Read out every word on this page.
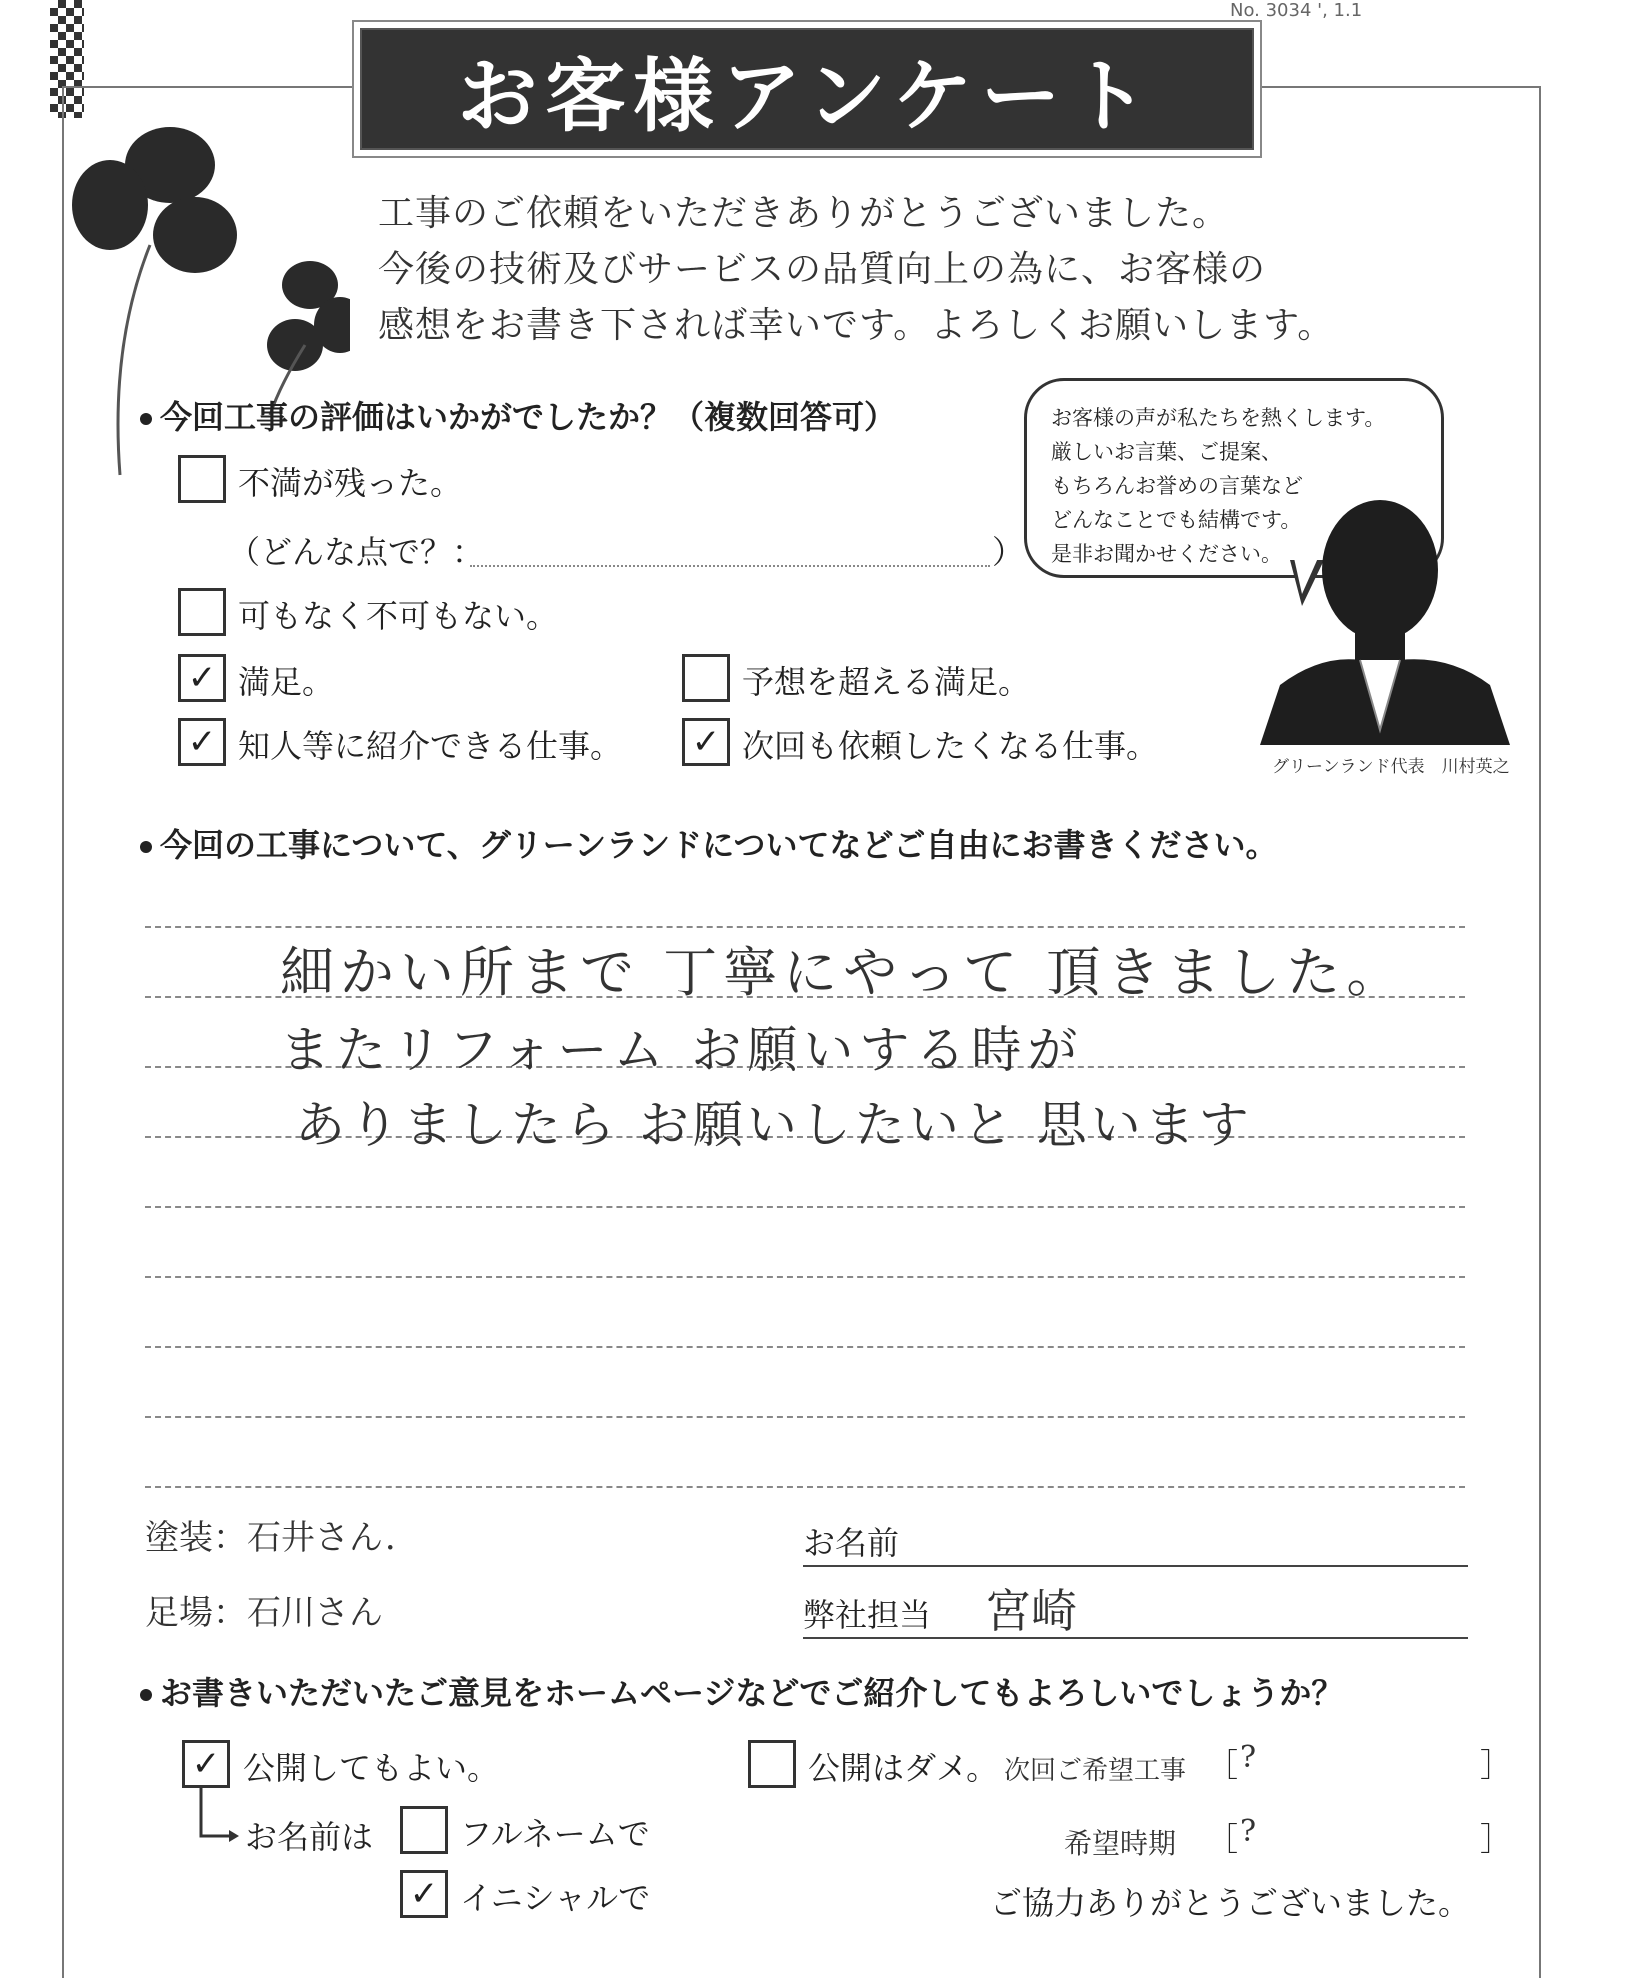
No. 3034 ', 1.1
お客様アンケート
工事のご依頼をいただきありがとうございました。
今後の技術及びサービスの品質向上の為に、お客様の
感想をお書き下されば幸いです。よろしくお願いします。
今回工事の評価はいかがでしたか？（複数回答可）
不満が残った。
（どんな点で？：	）
可もなく不可もない。
✓ 満足。	予想を超える満足。
✓ 知人等に紹介できる仕事。 ✓ 次回も依頼したくなる仕事。
お客様の声が私たちを熱くします。
厳しいお言葉、ご提案、
もちろんお誉めの言葉など
どんなことでも結構です。
是非お聞かせください。
グリーンランド代表　川村英之
今回の工事について、グリーンランドについてなどご自由にお書きください。
細かい所まで 丁寧にやって 頂きました。
またリフォーム お願いする時が
ありましたら お願いしたいと 思います
塗装：石井さん．
足場：石川さん
お名前
弊社担当 宮崎
お書きいただいたご意見をホームページなどでご紹介してもよろしいでしょうか？
✓ 公開してもよい。
お名前は	フルネームで
✓ イニシャルで
公開はダメ。 次回ご希望工事 ［ ?	］
希望時期 ［ ?	］
ご協力ありがとうございました。
